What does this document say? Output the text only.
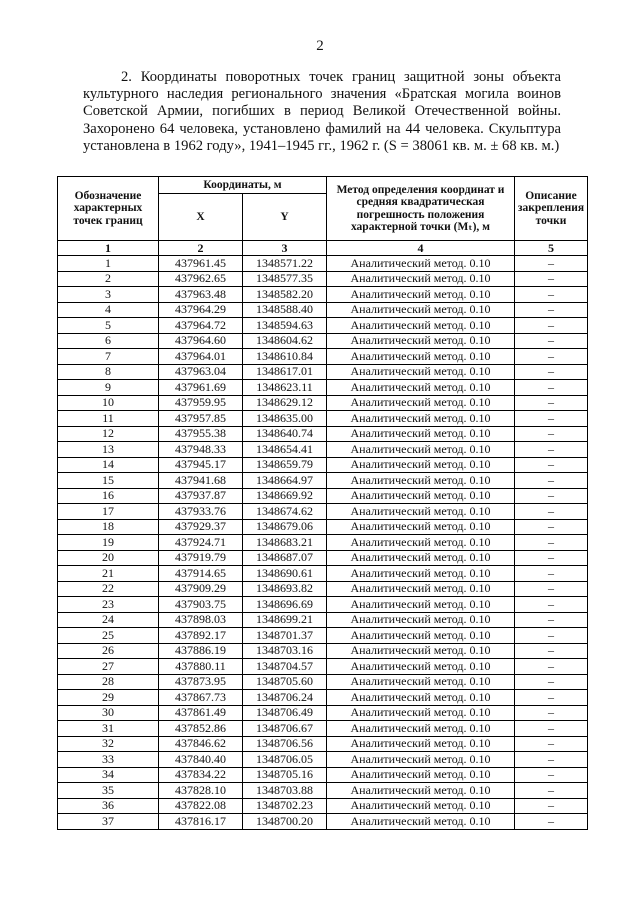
2

2. Координаты поворотных точек границ защитной зоны объекта культурного наследия регионального значения «Братская могила воинов Советской Армии, погибших в период Великой Отечественной войны. Захоронено 64 человека, установлено фамилий на 44 человека. Скульптура установлена в 1962 году», 1941–1945 гг., 1962 г. (S = 38061 кв. м. ± 68 кв. м.)

Обозначение характерных точек границ	Координаты, м		Метод определения координат и средняя квадратическая погрешность положения характерной точки (Мₜ), м	Описание закрепления точки
	X	Y		
1	2	3	4	5
1	437961.45	1348571.22	Аналитический метод. 0.10	–
2	437962.65	1348577.35	Аналитический метод. 0.10	–
3	437963.48	1348582.20	Аналитический метод. 0.10	–
4	437964.29	1348588.40	Аналитический метод. 0.10	–
5	437964.72	1348594.63	Аналитический метод. 0.10	–
6	437964.60	1348604.62	Аналитический метод. 0.10	–
7	437964.01	1348610.84	Аналитический метод. 0.10	–
8	437963.04	1348617.01	Аналитический метод. 0.10	–
9	437961.69	1348623.11	Аналитический метод. 0.10	–
10	437959.95	1348629.12	Аналитический метод. 0.10	–
11	437957.85	1348635.00	Аналитический метод. 0.10	–
12	437955.38	1348640.74	Аналитический метод. 0.10	–
13	437948.33	1348654.41	Аналитический метод. 0.10	–
14	437945.17	1348659.79	Аналитический метод. 0.10	–
15	437941.68	1348664.97	Аналитический метод. 0.10	–
16	437937.87	1348669.92	Аналитический метод. 0.10	–
17	437933.76	1348674.62	Аналитический метод. 0.10	–
18	437929.37	1348679.06	Аналитический метод. 0.10	–
19	437924.71	1348683.21	Аналитический метод. 0.10	–
20	437919.79	1348687.07	Аналитический метод. 0.10	–
21	437914.65	1348690.61	Аналитический метод. 0.10	–
22	437909.29	1348693.82	Аналитический метод. 0.10	–
23	437903.75	1348696.69	Аналитический метод. 0.10	–
24	437898.03	1348699.21	Аналитический метод. 0.10	–
25	437892.17	1348701.37	Аналитический метод. 0.10	–
26	437886.19	1348703.16	Аналитический метод. 0.10	–
27	437880.11	1348704.57	Аналитический метод. 0.10	–
28	437873.95	1348705.60	Аналитический метод. 0.10	–
29	437867.73	1348706.24	Аналитический метод. 0.10	–
30	437861.49	1348706.49	Аналитический метод. 0.10	–
31	437852.86	1348706.67	Аналитический метод. 0.10	–
32	437846.62	1348706.56	Аналитический метод. 0.10	–
33	437840.40	1348706.05	Аналитический метод. 0.10	–
34	437834.22	1348705.16	Аналитический метод. 0.10	–
35	437828.10	1348703.88	Аналитический метод. 0.10	–
36	437822.08	1348702.23	Аналитический метод. 0.10	–
37	437816.17	1348700.20	Аналитический метод. 0.10	–
